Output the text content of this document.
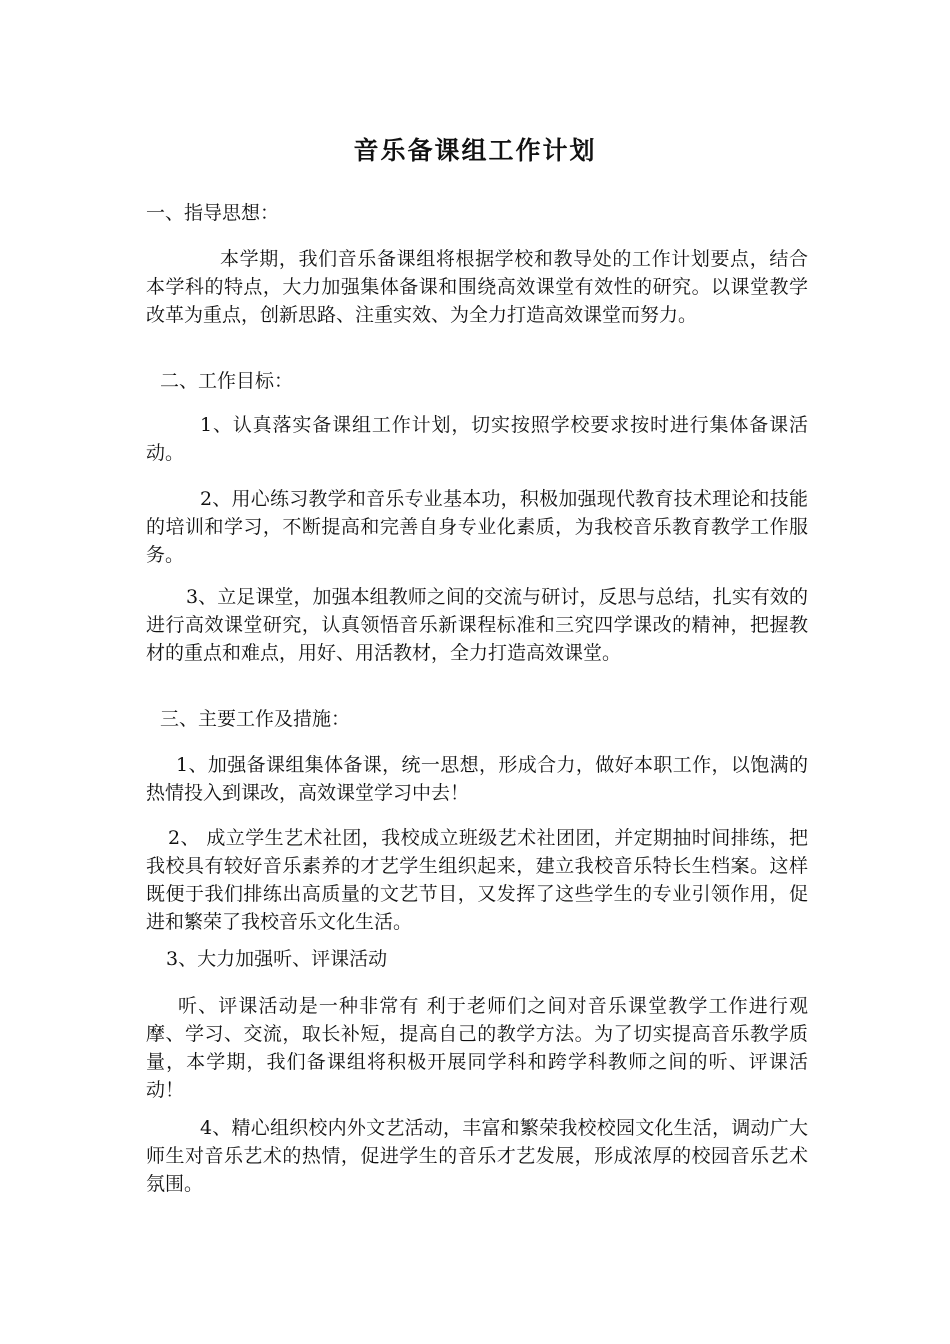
音乐备课组工作计划
一、指导思想：

本学期，我们音乐备课组将根据学校和教导处的工作计划要点，结合本学科的特点，大力加强集体备课和围绕高效课堂有效性的研究。以课堂教学改革为重点，创新思路、注重实效、为全力打造高效课堂而努力。

二、工作目标：

1、认真落实备课组工作计划，切实按照学校要求按时进行集体备课活动。

2、用心练习教学和音乐专业基本功，积极加强现代教育技术理论和技能的培训和学习，不断提高和完善自身专业化素质，为我校音乐教育教学工作服务。

3、立足课堂，加强本组教师之间的交流与研讨，反思与总结，扎实有效的进行高效课堂研究，认真领悟音乐新课程标准和三究四学课改的精神，把握教材的重点和难点，用好、用活教材，全力打造高效课堂。

三、主要工作及措施：

1、加强备课组集体备课，统一思想，形成合力，做好本职工作，以饱满的热情投入到课改，高效课堂学习中去！

2、 成立学生艺术社团，我校成立班级艺术社团团，并定期抽时间排练，把我校具有较好音乐素养的才艺学生组织起来，建立我校音乐特长生档案。这样既便于我们排练出高质量的文艺节目，又发挥了这些学生的专业引领作用，促进和繁荣了我校音乐文化生活。

3、大力加强听、评课活动

听、评课活动是一种非常有 利于老师们之间对音乐课堂教学工作进行观摩、学习、交流，取长补短，提高自己的教学方法。为了切实提高音乐教学质量，本学期，我们备课组将积极开展同学科和跨学科教师之间的听、评课活动！

4、精心组织校内外文艺活动，丰富和繁荣我校校园文化生活，调动广大师生对音乐艺术的热情，促进学生的音乐才艺发展，形成浓厚的校园音乐艺术氛围。
